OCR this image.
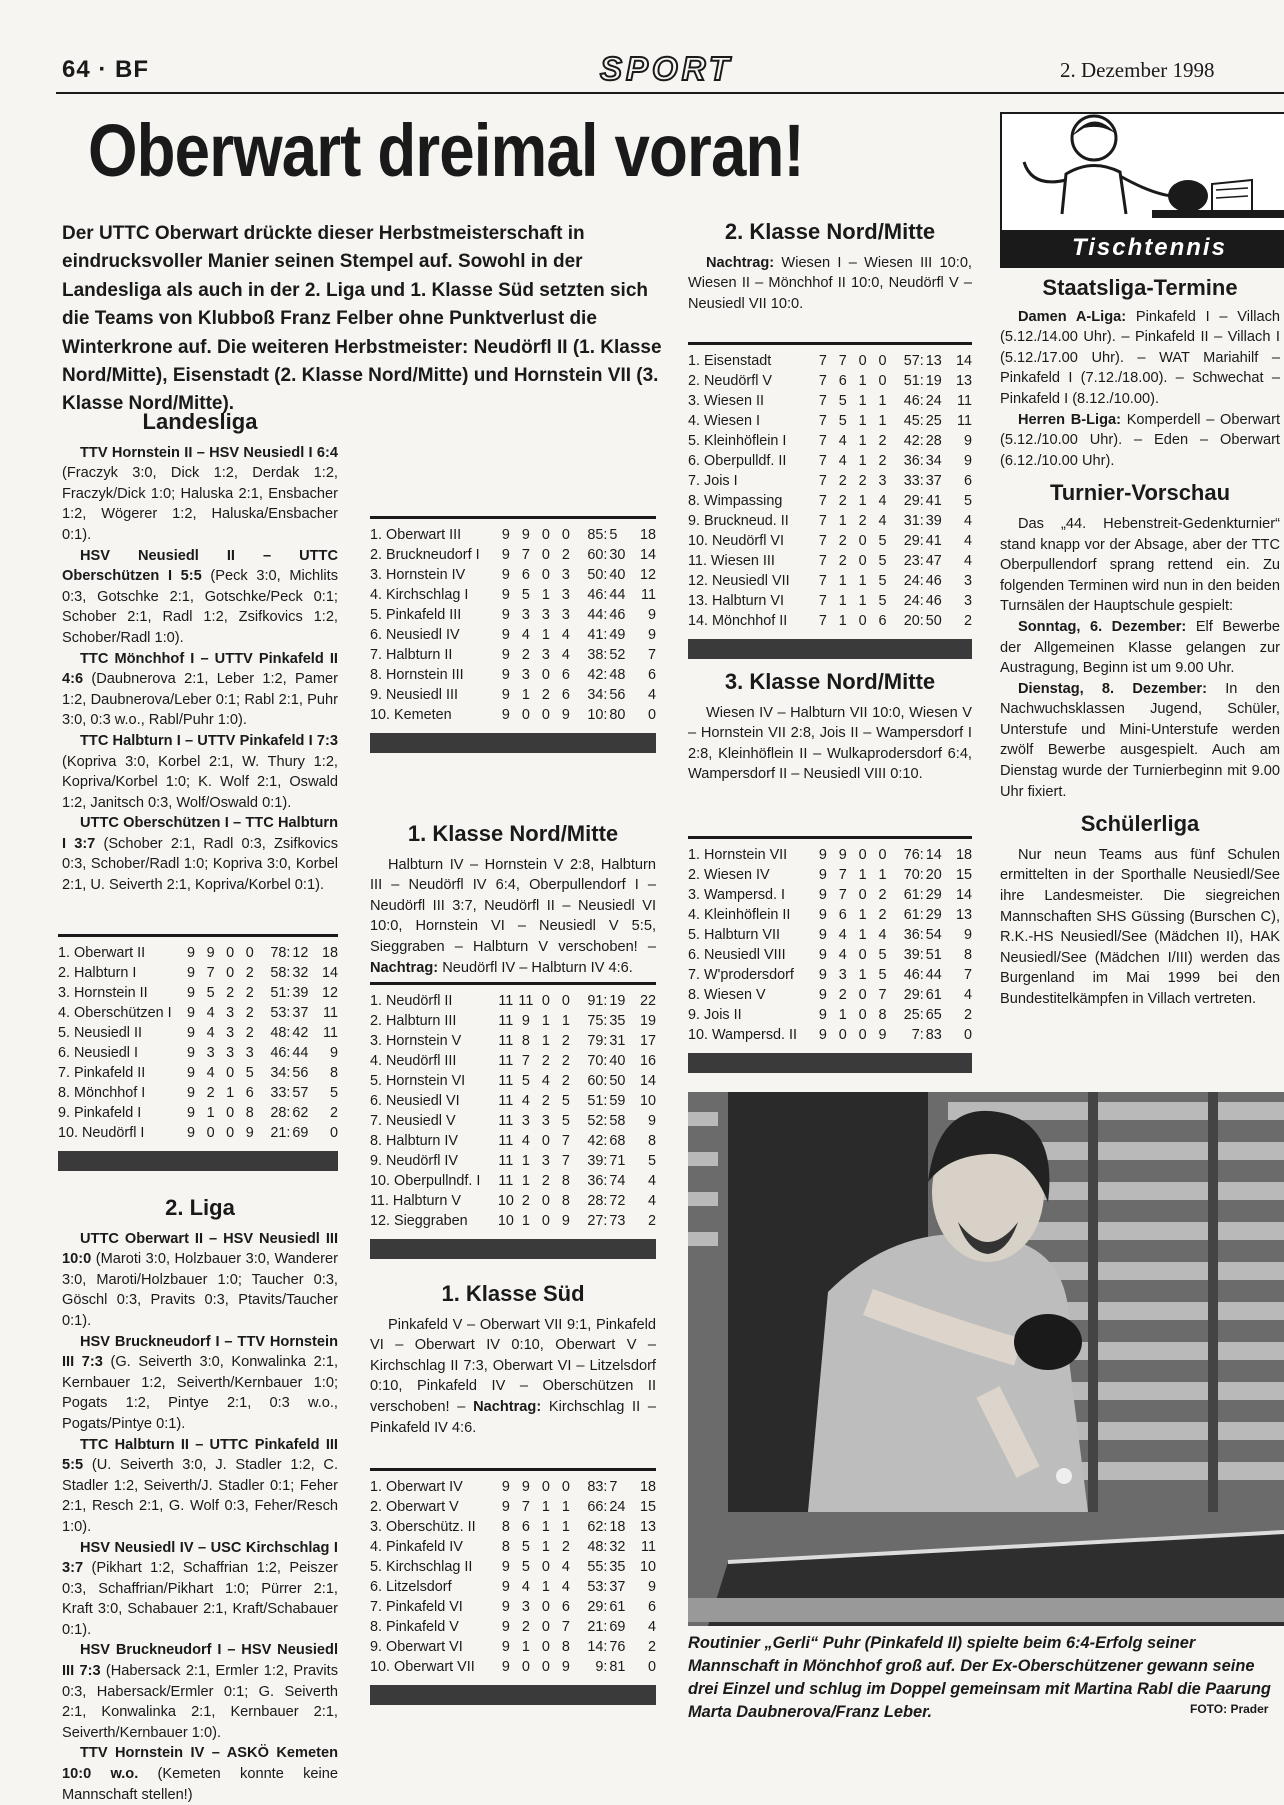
64 · BF	SPORT	2. Dezember 1998
Oberwart dreimal voran!
Der UTTC Oberwart drückte dieser Herbstmeisterschaft in eindrucksvoller Manier seinen Stempel auf. Sowohl in der Landesliga als auch in der 2. Liga und 1. Klasse Süd setzten sich die Teams von Klubboß Franz Felber ohne Punktverlust die Winterkrone auf. Die weiteren Herbstmeister: Neudörfl II (1. Klasse Nord/Mitte), Eisenstadt (2. Klasse Nord/Mitte) und Hornstein VII (3. Klasse Nord/Mitte).
Landesliga

TTV Hornstein II – HSV Neusiedl I 6:4 (Fraczyk 3:0, Dick 1:2, Derdak 1:2, Fraczyk/Dick 1:0; Haluska 2:1, Ensbacher 1:2, Wögerer 1:2, Haluska/Ensbacher 0:1).

HSV Neusiedl II – UTTC Oberschützen I 5:5 (Peck 3:0, Michlits 0:3, Gotschke 2:1, Gotschke/Peck 0:1; Schober 2:1, Radl 1:2, Zsifkovics 1:2, Schober/Radl 1:0).

TTC Mönchhof I – UTTV Pinkafeld II 4:6 (Daubnerova 2:1, Leber 1:2, Pamer 1:2, Daubnerova/Leber 0:1; Rabl 2:1, Puhr 3:0, 0:3 w.o., Rabl/Puhr 1:0).

TTC Halbturn I – UTTV Pinkafeld I 7:3 (Kopriva 3:0, Korbel 2:1, W. Thury 1:2, Kopriva/Korbel 1:0; K. Wolf 2:1, Oswald 1:2, Janitsch 0:3, Wolf/Oswald 0:1).

UTTC Oberschützen I – TTC Halbturn I 3:7 (Schober 2:1, Radl 0:3, Zsifkovics 0:3, Schober/Radl 1:0; Kopriva 3:0, Korbel 2:1, U. Seiverth 2:1, Kopriva/Korbel 0:1).

1. Oberwart II	9	9	0	0	78:	12	18
2. Halbturn I	9	7	0	2	58:	32	14
3. Hornstein II	9	5	2	2	51:	39	12
4. Oberschützen I	9	4	3	2	53:	37	11
5. Neusiedl II	9	4	3	2	48:	42	11
6. Neusiedl I	9	3	3	3	46:	44	9
7. Pinkafeld II	9	4	0	5	34:	56	8
8. Mönchhof I	9	2	1	6	33:	57	5
9. Pinkafeld I	9	1	0	8	28:	62	2
10. Neudörfl I	9	0	0	9	21:	69	0
2. Liga

UTTC Oberwart II – HSV Neusiedl III 10:0 (Maroti 3:0, Holzbauer 3:0, Wanderer 3:0, Maroti/Holzbauer 1:0; Taucher 0:3, Göschl 0:3, Pravits 0:3, Ptavits/Taucher 0:1).

HSV Bruckneudorf I – TTV Hornstein III 7:3 (G. Seiverth 3:0, Konwalinka 2:1, Kernbauer 1:2, Seiverth/Kernbauer 1:0; Pogats 1:2, Pintye 2:1, 0:3 w.o., Pogats/Pintye 0:1).

TTC Halbturn II – UTTC Pinkafeld III 5:5 (U. Seiverth 3:0, J. Stadler 1:2, C. Stadler 1:2, Seiverth/J. Stadler 0:1; Feher 2:1, Resch 2:1, G. Wolf 0:3, Feher/Resch 1:0).

HSV Neusiedl IV – USC Kirchschlag I 3:7 (Pikhart 1:2, Schaffrian 1:2, Peiszer 0:3, Schaffrian/Pikhart 1:0; Pürrer 2:1, Kraft 3:0, Schabauer 2:1, Kraft/Schabauer 0:1).

HSV Bruckneudorf I – HSV Neusiedl III 7:3 (Habersack 2:1, Ermler 1:2, Pravits 0:3, Habersack/Ermler 0:1; G. Seiverth 2:1, Konwalinka 2:1, Kernbauer 2:1, Seiverth/Kernbauer 1:0).

TTV Hornstein IV – ASKÖ Kemeten 10:0 w.o. (Kemeten konnte keine Mannschaft stellen!)

1. Oberwart III	9	9	0	0	85:	5	18
2. Bruckneudorf I	9	7	0	2	60:	30	14
3. Hornstein IV	9	6	0	3	50:	40	12
4. Kirchschlag I	9	5	1	3	46:	44	11
5. Pinkafeld III	9	3	3	3	44:	46	9
6. Neusiedl IV	9	4	1	4	41:	49	9
7. Halbturn II	9	2	3	4	38:	52	7
8. Hornstein III	9	3	0	6	42:	48	6
9. Neusiedl III	9	1	2	6	34:	56	4
10. Kemeten	9	0	0	9	10:	80	0
1. Klasse Nord/Mitte

Halbturn IV – Hornstein V 2:8, Halbturn III – Neudörfl IV 6:4, Oberpullendorf I – Neudörfl III 3:7, Neudörfl II – Neusiedl VI 10:0, Hornstein VI – Neusiedl V 5:5, Sieggraben – Halbturn V verschoben! – Nachtrag: Neudörfl IV – Halbturn IV 4:6.

1. Neudörfl II	11	11	0	0	91:	19	22
2. Halbturn III	11	9	1	1	75:	35	19
3. Hornstein V	11	8	1	2	79:	31	17
4. Neudörfl III	11	7	2	2	70:	40	16
5. Hornstein VI	11	5	4	2	60:	50	14
6. Neusiedl VI	11	4	2	5	51:	59	10
7. Neusiedl V	11	3	3	5	52:	58	9
8. Halbturn IV	11	4	0	7	42:	68	8
9. Neudörfl IV	11	1	3	7	39:	71	5
10. Oberpullndf. I	11	1	2	8	36:	74	4
11. Halbturn V	10	2	0	8	28:	72	4
12. Sieggraben	10	1	0	9	27:	73	2
1. Klasse Süd

Pinkafeld V – Oberwart VII 9:1, Pinkafeld VI – Oberwart IV 0:10, Oberwart V – Kirchschlag II 7:3, Oberwart VI – Litzelsdorf 0:10, Pinkafeld IV – Oberschützen II verschoben! – Nachtrag: Kirchschlag II – Pinkafeld IV 4:6.

1. Oberwart IV	9	9	0	0	83:	7	18
2. Oberwart V	9	7	1	1	66:	24	15
3. Oberschütz. II	8	6	1	1	62:	18	13
4. Pinkafeld IV	8	5	1	2	48:	32	11
5. Kirchschlag II	9	5	0	4	55:	35	10
6. Litzelsdorf	9	4	1	4	53:	37	9
7. Pinkafeld VI	9	3	0	6	29:	61	6
8. Pinkafeld V	9	2	0	7	21:	69	4
9. Oberwart VI	9	1	0	8	14:	76	2
10. Oberwart VII	9	0	0	9	9:	81	0
2. Klasse Nord/Mitte

Nachtrag: Wiesen I – Wiesen III 10:0, Wiesen II – Mönchhof II 10:0, Neudörfl V – Neusiedl VII 10:0.

1. Eisenstadt	7	7	0	0	57:	13	14
2. Neudörfl V	7	6	1	0	51:	19	13
3. Wiesen II	7	5	1	1	46:	24	11
4. Wiesen I	7	5	1	1	45:	25	11
5. Kleinhöflein I	7	4	1	2	42:	28	9
6. Oberpulldf. II	7	4	1	2	36:	34	9
7. Jois I	7	2	2	3	33:	37	6
8. Wimpassing	7	2	1	4	29:	41	5
9. Bruckneud. II	7	1	2	4	31:	39	4
10. Neudörfl VI	7	2	0	5	29:	41	4
11. Wiesen III	7	2	0	5	23:	47	4
12. Neusiedl VII	7	1	1	5	24:	46	3
13. Halbturn VI	7	1	1	5	24:	46	3
14. Mönchhof II	7	1	0	6	20:	50	2
3. Klasse Nord/Mitte

Wiesen IV – Halbturn VII 10:0, Wiesen V – Hornstein VII 2:8, Jois II – Wampersdorf I 2:8, Kleinhöflein II – Wulkaprodersdorf 6:4, Wampersdorf II – Neusiedl VIII 0:10.

1. Hornstein VII	9	9	0	0	76:	14	18
2. Wiesen IV	9	7	1	1	70:	20	15
3. Wampersd. I	9	7	0	2	61:	29	14
4. Kleinhöflein II	9	6	1	2	61:	29	13
5. Halbturn VII	9	4	1	4	36:	54	9
6. Neusiedl VIII	9	4	0	5	39:	51	8
7. W'prodersdorf	9	3	1	5	46:	44	7
8. Wiesen V	9	2	0	7	29:	61	4
9. Jois II	9	1	0	8	25:	65	2
10. Wampersd. II	9	0	0	9	7:	83	0
Tischtennis
Staatsliga-Termine

Damen A-Liga: Pinkafeld I – Villach (5.12./14.00 Uhr). – Pinkafeld II – Villach I (5.12./17.00 Uhr). – WAT Mariahilf – Pinkafeld I (7.12./18.00). – Schwechat – Pinkafeld I (8.12./10.00).

Herren B-Liga: Komperdell – Oberwart (5.12./10.00 Uhr). – Eden – Oberwart (6.12./10.00 Uhr).

Turnier-Vorschau

Das „44. Hebenstreit-Gedenkturnier“ stand knapp vor der Absage, aber der TTC Oberpullendorf sprang rettend ein. Zu folgenden Terminen wird nun in den beiden Turnsälen der Hauptschule gespielt:

Sonntag, 6. Dezember: Elf Bewerbe der Allgemeinen Klasse gelangen zur Austragung, Beginn ist um 9.00 Uhr.

Dienstag, 8. Dezember: In den Nachwuchsklassen Jugend, Schüler, Unterstufe und Mini-Unterstufe werden zwölf Bewerbe ausgespielt. Auch am Dienstag wurde der Turnierbeginn mit 9.00 Uhr fixiert.

Schülerliga

Nur neun Teams aus fünf Schulen ermittelten in der Sporthalle Neusiedl/See ihre Landesmeister. Die siegreichen Mannschaften SHS Güssing (Burschen C), R.K.-HS Neusiedl/See (Mädchen II), HAK Neusiedl/See (Mädchen I/III) werden das Burgenland im Mai 1999 bei den Bundestitelkämpfen in Villach vertreten.

Routinier „Gerli“ Puhr (Pinkafeld II) spielte beim 6:4-Erfolg seiner Mannschaft in Mönchhof groß auf. Der Ex-Oberschützener gewann seine drei Einzel und schlug im Doppel gemeinsam mit Martina Rabl die Paarung Marta Daubnerova/Franz Leber.	FOTO: Prader
